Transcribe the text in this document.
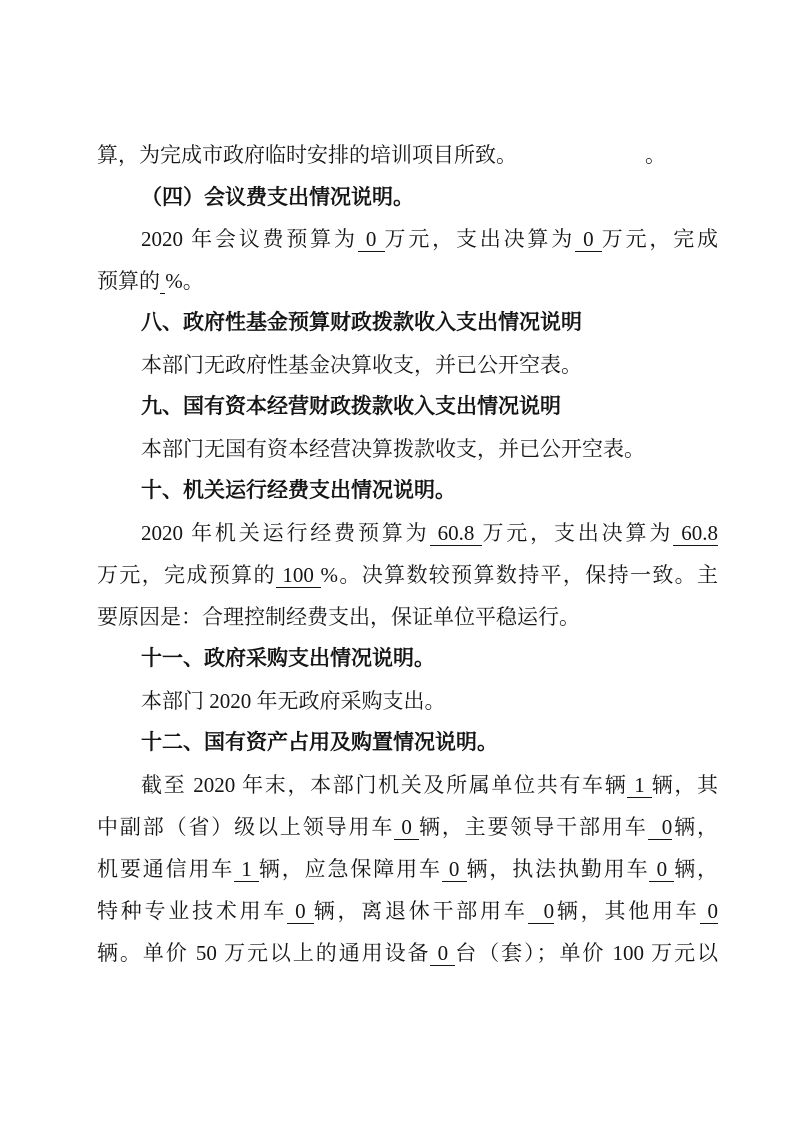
算，为完成市政府临时安排的培训项目所致。	。
（四）会议费支出情况说明。
2020 年会议费预算为 0 万元，支出决算为 0 万元，完成
预算的 %。
八、政府性基金预算财政拨款收入支出情况说明
本部门无政府性基金决算收支，并已公开空表。
九、国有资本经营财政拨款收入支出情况说明
本部门无国有资本经营决算拨款收支，并已公开空表。
十、机关运行经费支出情况说明。
2020 年机关运行经费预算为 60.8 万元，支出决算为 60.8
万元，完成预算的 100 %。决算数较预算数持平，保持一致。主
要原因是：合理控制经费支出，保证单位平稳运行。
十一、政府采购支出情况说明。
本部门 2020 年无政府采购支出。
十二、国有资产占用及购置情况说明。
截至 2020 年末，本部门机关及所属单位共有车辆 1 辆，其
中副部（省）级以上领导用车 0 辆，主要领导干部用车  0辆，
机要通信用车 1 辆，应急保障用车 0 辆，执法执勤用车 0 辆，
特种专业技术用车 0 辆，离退休干部用车  0辆，其他用车 0
辆。单价 50 万元以上的通用设备 0 台（套）；单价 100 万元以
